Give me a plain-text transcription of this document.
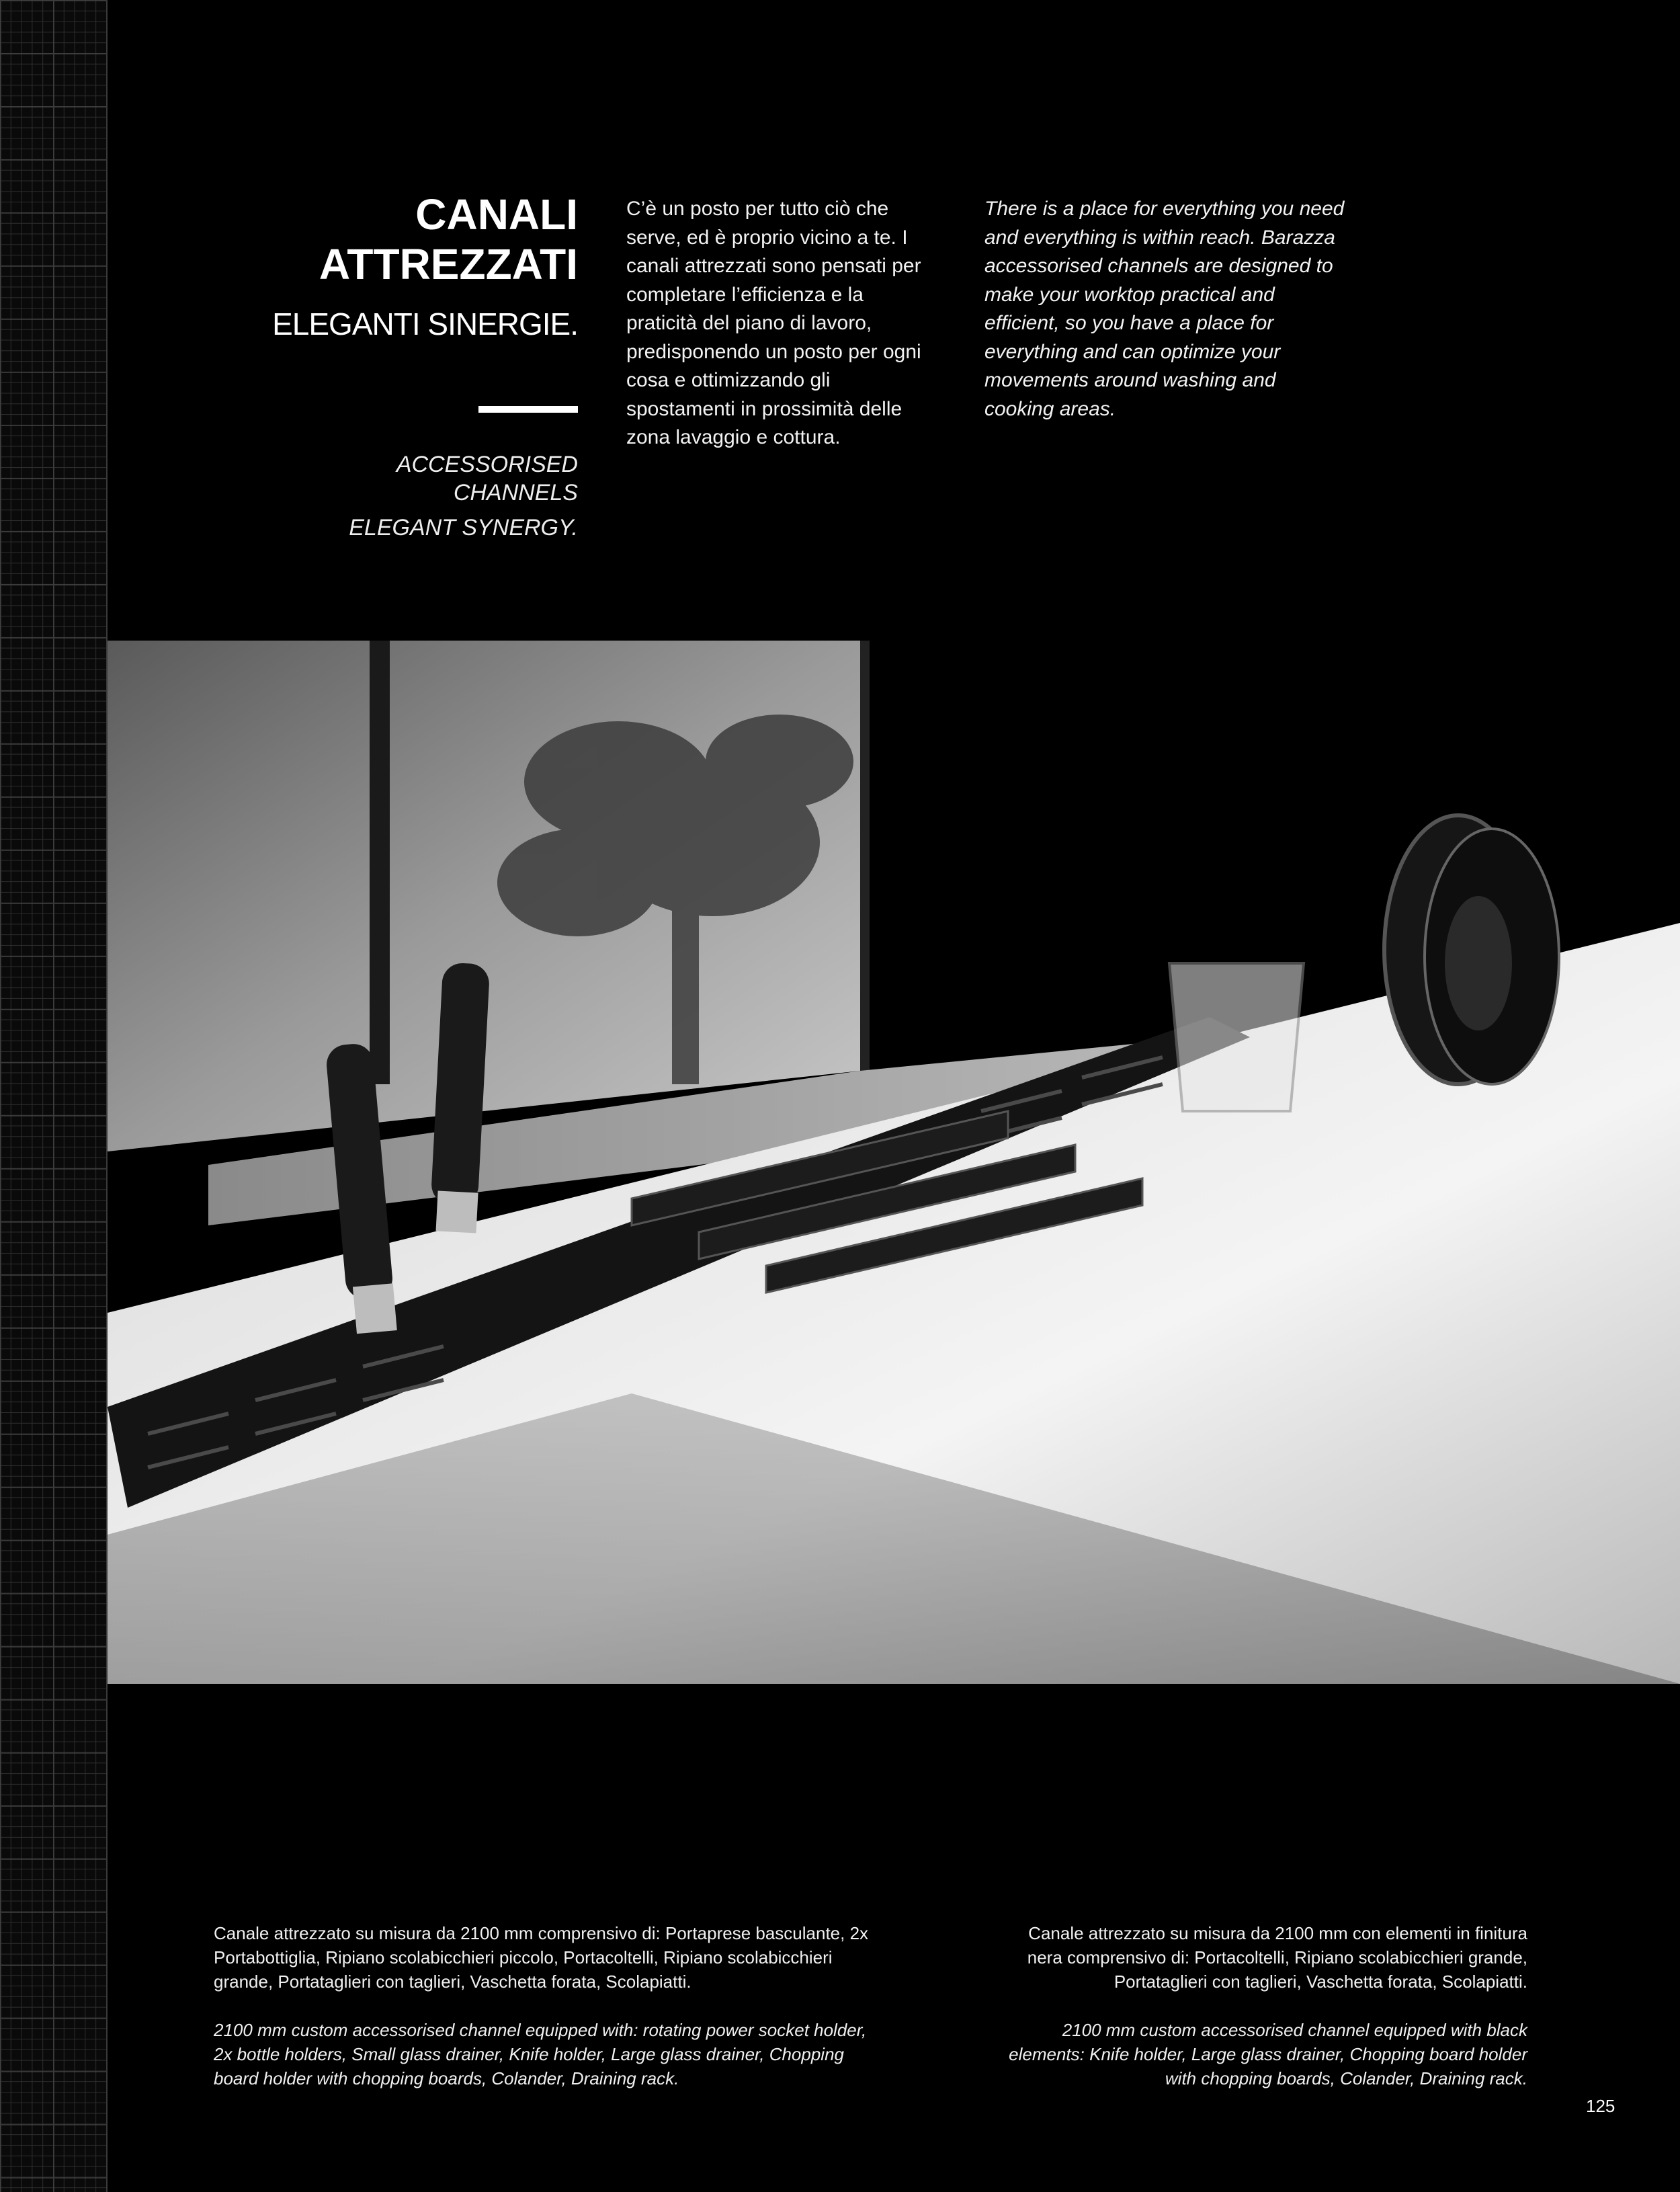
CANALI
ATTREZZATI

ELEGANTI SINERGIE.

ACCESSORISED
CHANNELS

ELEGANT SYNERGY.

C’è un posto per tutto ciò che serve, ed è proprio vicino a te. I canali attrezzati sono pensati per completare l’efficienza e la praticità del piano di lavoro, predisponendo un posto per ogni cosa e ottimizzando gli spostamenti in prossimità delle zona lavaggio e cottura.
There is a place for everything you need and everything is within reach. Barazza accessorised channels are designed to make your worktop practical and efficient, so you have a place for everything and can optimize your movements around washing and cooking areas.

Canale attrezzato su misura da 2100 mm comprensivo di: Portaprese basculante, 2x Portabottiglia, Ripiano scolabicchieri piccolo, Portacoltelli, Ripiano scolabicchieri grande, Portataglieri con taglieri, Vaschetta forata, Scolapiatti.

2100 mm custom accessorised channel equipped with: rotating power socket holder, 2x bottle holders, Small glass drainer, Knife holder, Large glass drainer, Chopping board holder with chopping boards, Colander, Draining rack.

Canale attrezzato su misura da 2100 mm con elementi in finitura nera comprensivo di: Portacoltelli, Ripiano scolabicchieri grande, Portataglieri con taglieri, Vaschetta forata, Scolapiatti.

2100 mm custom accessorised channel equipped with black elements: Knife holder, Large glass drainer, Chopping board holder with chopping boards, Colander, Draining rack.

125
